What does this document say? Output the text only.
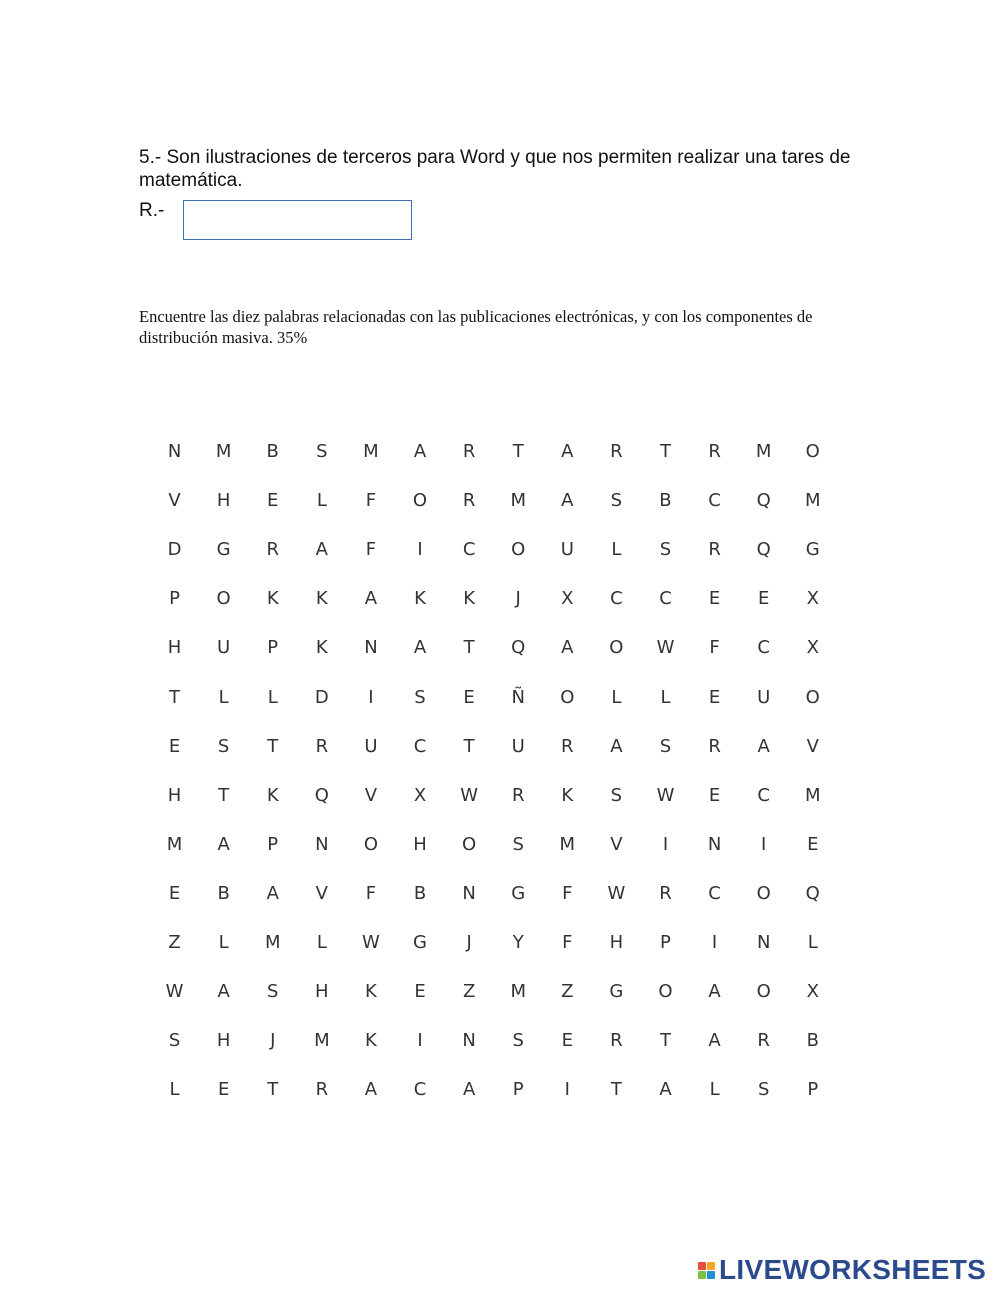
5.- Son ilustraciones de terceros para Word y que nos permiten realizar una tares de matemática.

R.-

Encuentre las diez palabras relacionadas con las publicaciones electrónicas, y con los componentes de distribución masiva. 35%

N	M	B	S	M	A	R	T	A	R	T	R	M	O
V	H	E	L	F	O	R	M	A	S	B	C	Q	M
D	G	R	A	F	I	C	O	U	L	S	R	Q	G
P	O	K	K	A	K	K	J	X	C	C	E	E	X
H	U	P	K	N	A	T	Q	A	O	W	F	C	X
T	L	L	D	I	S	E	Ñ	O	L	L	E	U	O
E	S	T	R	U	C	T	U	R	A	S	R	A	V
H	T	K	Q	V	X	W	R	K	S	W	E	C	M
M	A	P	N	O	H	O	S	M	V	I	N	I	E
E	B	A	V	F	B	N	G	F	W	R	C	O	Q
Z	L	M	L	W	G	J	Y	F	H	P	I	N	L
W	A	S	H	K	E	Z	M	Z	G	O	A	O	X
S	H	J	M	K	I	N	S	E	R	T	A	R	B
L	E	T	R	A	C	A	P	I	T	A	L	S	P
LIVEWORKSHEETS
